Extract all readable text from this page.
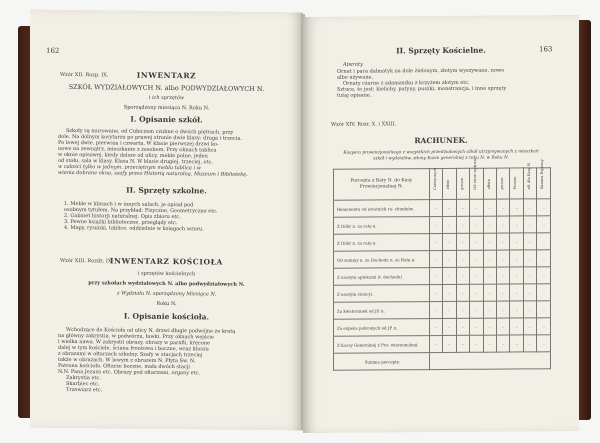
162
Wzór XII. Rozp. IX.	INWENTARZ
SZKÓŁ WYDZIAŁOWYCH N. albo PODWYDZIAŁOWYCH N.
i ich sprzętów
Sporządzony miesiąca N. Roku N.
I. Opisanie szkół.
Szkoły są murowane, od Cubiczem czubne o dwóch piętrach, przy
dole. Na dolnym korytarzu po prawej stronie dwie klasy: druga i trzecia.
Po lewej dwie, pierwsza i czwarta. W klasie pierwszej drzwi ko-
nowe na zewnątrz, mieszkanie z zasobem. Przy oknach tablica
w oknie opisowej, kiedy dalsze od ulicy, meble polne, jeden
od stołu, sala w klasy. Klasa N. W klasie drugiej, trzeciej, etc.
w całości tylko w jednym, przeciętnym meblu tablica i w
wienia dobrane okna, szafy przez Historią naturalną, Muzeum i Bibliotekę.
II. Sprzęty szkolne.
1. Meble w klasach i w innych salach, je opisał pod
osobnym tytułem. Na przykład: Fizyczne, Geometryczne etc.
2. Gabinet historji naturalnej. Opis zbioru etc.
3. Pewne książki biblioteczne, przeglądy etc.
4. Mapy, rysunki, tablice, oddzielnie w księgach wzoru.
Wzór XIII. Rozdz. IX.
INWENTARZ KOŚCIOŁA
i sprzętów kościelnych
przy szkołach wydziałowych N. albo podwydziałowych N.
z Wydziału N. sporządzony Miesiąca N.
Roku N.
I. Opisanie kościoła.
Wchodzące do Kościoła od ulicy N, drzwi długie podwójne ze kratą
na główny zakrystia, w podwórzu, ławki. Przy oknach wejście
i wielka nawa. W zakrystii obrazy, obrazy w parafii, kręcone
dalej w tym kościele, ściana frontowa i boczne, wraz kloszu
z obrazami w ołtarzach szkolny. Szafy w stacjach trzeciej
także w obrazach. W lewym z obrazem N. Płyta Św. N.
Patrona kościoła. Ołtarze boczne, mała dwóch stacji
N.N. Pana Jezusa etc. Obrazy pod ołtarzami, organy etc.
Zakrystia etc.
Skarbiec etc.
Trzewiarz etc.
163
II. Sprzęty Kościelne.
Aparaty
Ornat i para dalmatyk na dole zielonym, złotym wyszywane, nowo
albo używane.
Ornaty czarne z adamaszku z krzyżem złotym etc.
Sztuce, to jest: kielichy, patyny, puszki, monstrancja, i inne sprzęty
tutaj opisane.
Wzór XIV. Rozr. X. i XXIII.
RACHUNEK.
Kasyera prowincjonalnego z wszystkich przedziałowych szkół utrzymywanych z mieszkań
szkół i wydziałów, zdany Kasie generalnej z roku N. w Roku N.
Percepta z Raty N. do Kasy Prowincjonalnej N.	Czerwonych	złłote	grosze	Od stron wpływu	złłote	grosze	Prowiz.	złł. dla Kasy N.	Summa Expensy

Remanentu od ostatnich ra- chunków.	..	..	..	..	..	..	..	..	..
Z Dóbr n. za ratę n.	..	..	..	..	..	..	..	..	..
Z Dóbr n. za ratę n.	..	..	..	..	..	..	..	..	..
Od summy n. za Dochodu n. za Ratę n.	..	..	..	..	..	..	..	..	..
Z naszym aptekami (r. dochodu)	..	..	..	..	..	..	..	..	..
Z naszym stancyi.	..	..	..	..	..	..	..	..	..
Za kwaterunek od JP. n.	..	..	..	..	..	..	..	..	..
Za expens pobranych od JP. n.	..	..	..	..	..	..	..	..	..
Z Kassy Generalnej z Pro- wincyonalnej.	..	..	..	..	..	..	..	..	..
Summa percepty.									
